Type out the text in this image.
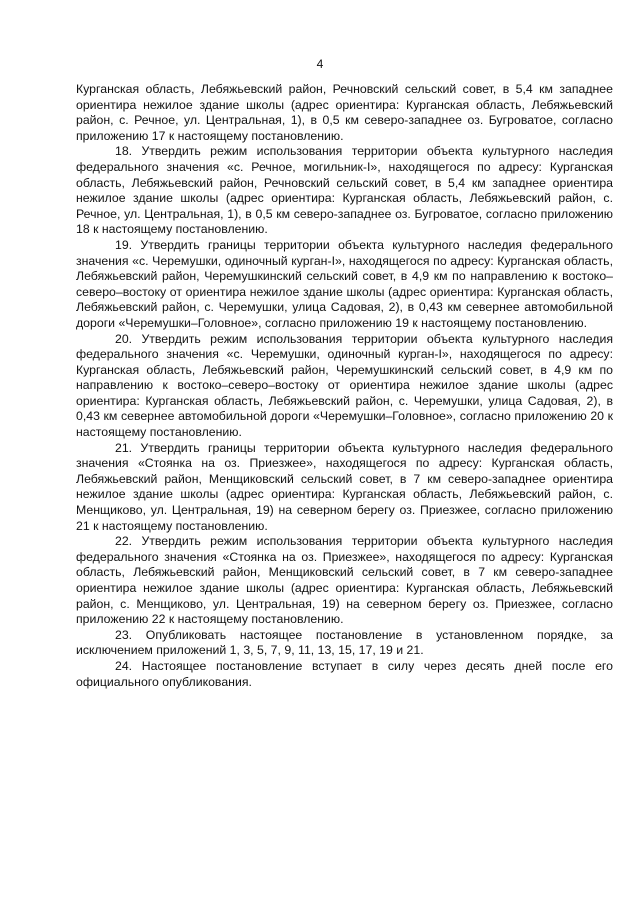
4

Курганская область, Лебяжьевский район, Речновский сельский совет, в 5,4 км западнее ориентира нежилое здание школы (адрес ориентира: Курганская область, Лебяжьевский район, с. Речное, ул. Центральная, 1), в 0,5 км северо-западнее оз. Бугроватое, согласно приложению 17 к настоящему постановлению.

18. Утвердить режим использования территории объекта культурного наследия федерального значения «с. Речное, могильник-I», находящегося по адресу: Курганская область, Лебяжьевский район, Речновский сельский совет, в 5,4 км западнее ориентира нежилое здание школы (адрес ориентира: Курганская область, Лебяжьевский район, с. Речное, ул. Центральная, 1), в 0,5 км северо-западнее оз. Бугроватое, согласно приложению 18 к настоящему постановлению.

19. Утвердить границы территории объекта культурного наследия федерального значения «с. Черемушки, одиночный курган-I», находящегося по адресу: Курганская область, Лебяжьевский район, Черемушкинский сельский совет, в 4,9 км по направлению к востоко–северо–востоку от ориентира нежилое здание школы (адрес ориентира: Курганская область, Лебяжьевский район, с. Черемушки, улица Садовая, 2), в 0,43 км севернее автомобильной дороги «Черемушки–Головное», согласно приложению 19 к настоящему постановлению.

20. Утвердить режим использования территории объекта культурного наследия федерального значения «с. Черемушки, одиночный курган-I», находящегося по адресу: Курганская область, Лебяжьевский район, Черемушкинский сельский совет, в 4,9 км по направлению к востоко–северо–востоку от ориентира нежилое здание школы (адрес ориентира: Курганская область, Лебяжьевский район, с. Черемушки, улица Садовая, 2), в 0,43 км севернее автомобильной дороги «Черемушки–Головное», согласно приложению 20 к настоящему постановлению.

21. Утвердить границы территории объекта культурного наследия федерального значения «Стоянка на оз. Приезжее», находящегося по адресу: Курганская область, Лебяжьевский район, Менщиковский сельский совет, в 7 км северо-западнее ориентира нежилое здание школы (адрес ориентира: Курганская область, Лебяжьевский район, с. Менщиково, ул. Центральная, 19) на северном берегу оз. Приезжее, согласно приложению 21 к настоящему постановлению.

22. Утвердить режим использования территории объекта культурного наследия федерального значения «Стоянка на оз. Приезжее», находящегося по адресу: Курганская область, Лебяжьевский район, Менщиковский сельский совет, в 7 км северо-западнее ориентира нежилое здание школы (адрес ориентира: Курганская область, Лебяжьевский район, с. Менщиково, ул. Центральная, 19) на северном берегу оз. Приезжее, согласно приложению 22 к настоящему постановлению.

23. Опубликовать настоящее постановление в установленном порядке, за исключением приложений 1, 3, 5, 7, 9, 11, 13, 15, 17, 19 и 21.

24. Настоящее постановление вступает в силу через десять дней после его официального опубликования.
